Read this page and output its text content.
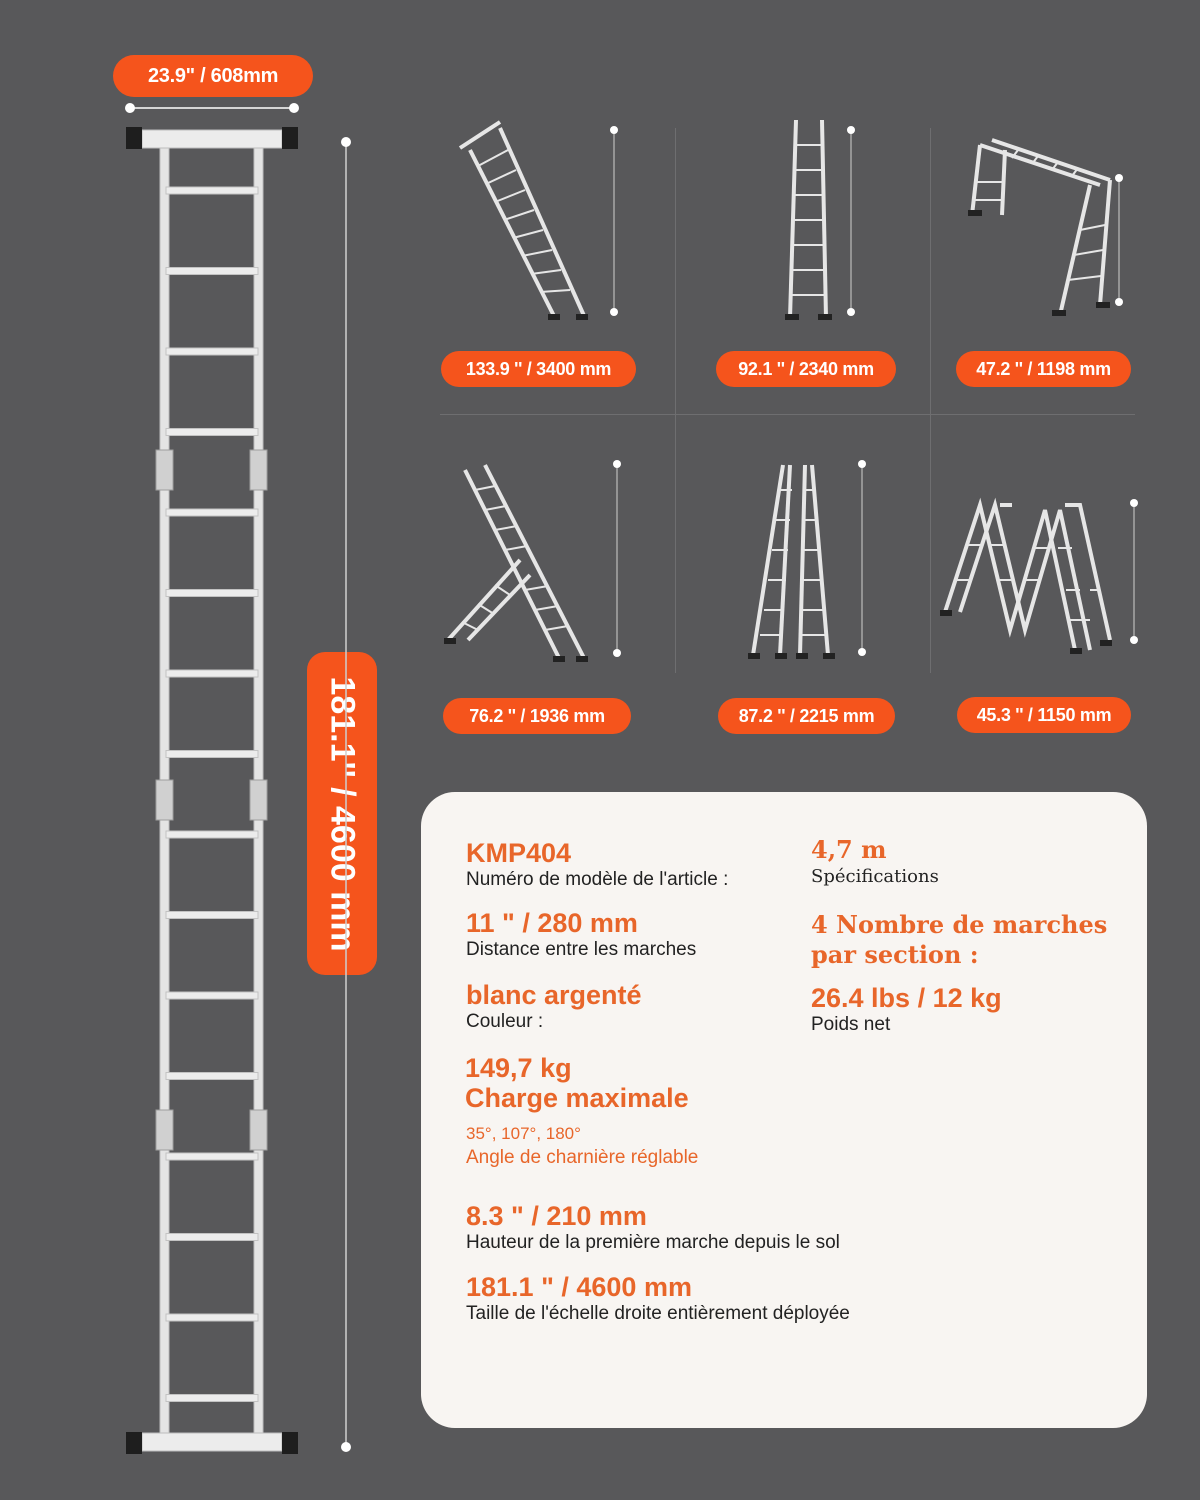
23.9" / 608mm
181.1'' / 4600 mm
133.9 '' / 3400 mm	92.1 '' / 2340 mm	47.2 '' / 1198 mm
76.2 '' / 1936 mm	87.2 '' / 2215 mm	45.3 '' / 1150 mm
KMP404
Numéro de modèle de l'article :
4,7 m
Spécifications
11 " / 280 mm
Distance entre les marches
4 Nombre de marches
par section :
blanc argenté
Couleur :
26.4 lbs / 12 kg
Poids net
149,7 kg
Charge maximale
35°, 107°, 180°
Angle de charnière réglable
8.3 " / 210 mm
Hauteur de la première marche depuis le sol
181.1 " / 4600 mm
Taille de l'échelle droite entièrement déployée
